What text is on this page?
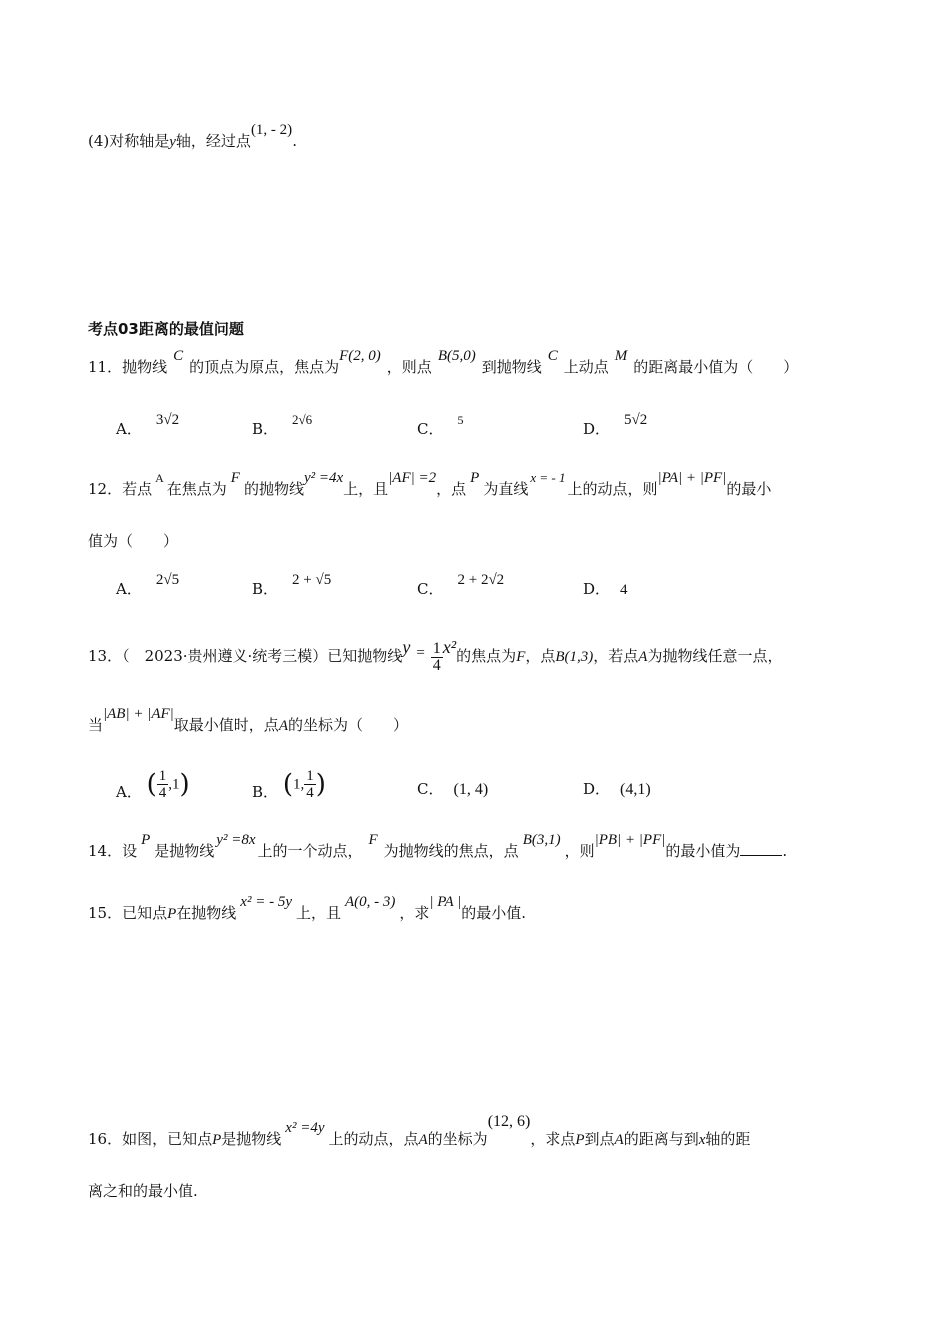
(4)对称轴是y轴，经过点(1, - 2).
考点03距离的最值问题
11．抛物线C的顶点为原点，焦点为F(2, 0)，则点B(5,0)到抛物线C上动点M的距离最小值为（　　）
A． 3√2	B．2√6
C． $^5$	D． 5√2
12．若点$^A$在焦点为F的抛物线y² =4x上，且|AF| =2，点P为直线x = - 1上的动点，则|PA| + |PF|的最小
值为（　　）
A． 2√5	B． 2 + √5	C． 2 + 2√2	D． 4
13．（　2023·贵州遵义·统考三模）已知抛物线$y = \frac{1}{4} x^2$的焦点为F，点B(1,3)，若点A为抛物线任意一点，
当|AB| + |AF|取最小值时，点A的坐标为（　　）
A． ( $\frac{1}{4} ,1$)	B． (1, $\frac{1}{4}$ )	C． (1, 4)	D． (4,1)
14．设P是抛物线y² =8x上的一个动点，F为抛物线的焦点，点B(3,1)，则|PB| + |PF|的最小值为	.
15．已知点P在抛物线x² = - 5y上，且A(0, - 3)，求| PA |的最小值.
16．如图，已知点P是抛物线x² =4y上的动点，点A的坐标为(12, 6)，求点P到点A的距离与到x轴的距
离之和的最小值.
